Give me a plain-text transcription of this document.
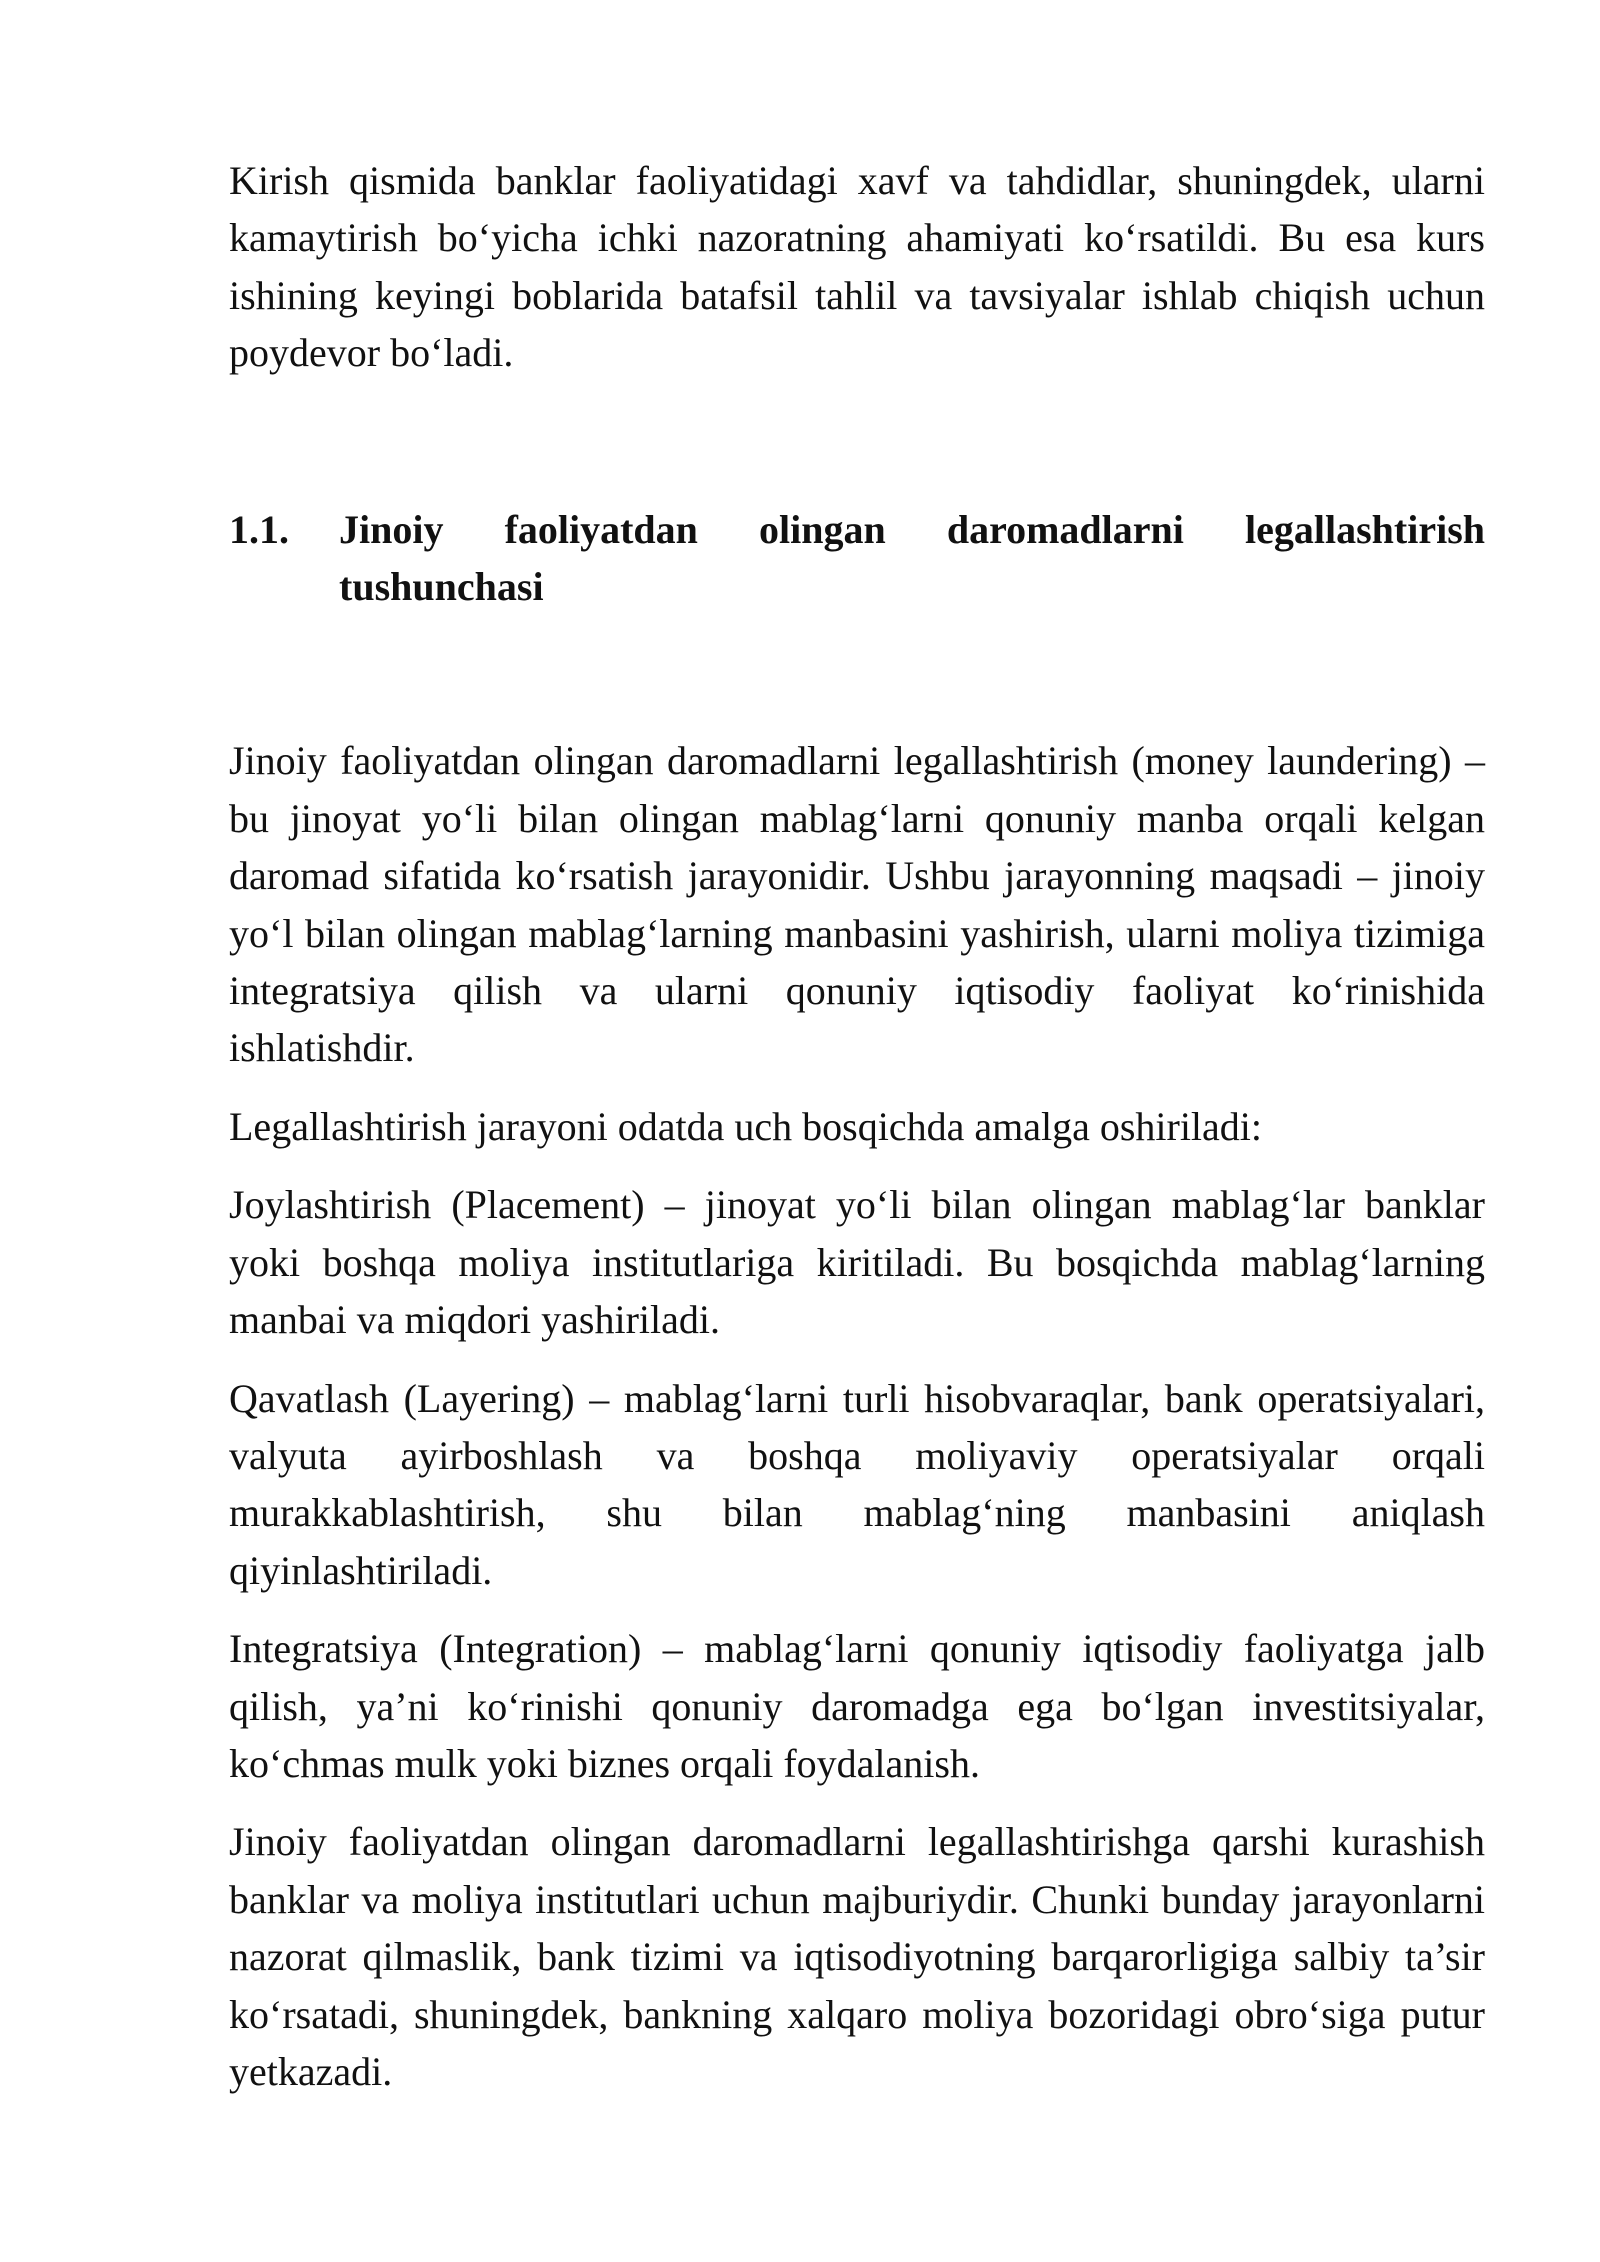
Kirish qismida banklar faoliyatidagi xavf va tahdidlar, shuningdek, ularni kamaytirish bo‘yicha ichki nazoratning ahamiyati ko‘rsatildi. Bu esa kurs ishining keyingi boblarida batafsil tahlil va tavsiyalar ishlab chiqish uchun poydevor bo‘ladi.

1.1.	Jinoiy faoliyatdan olingan daromadlarni legallashtirish tushunchasi

Jinoiy faoliyatdan olingan daromadlarni legallashtirish (money laundering) – bu jinoyat yo‘li bilan olingan mablag‘larni qonuniy manba orqali kelgan daromad sifatida ko‘rsatish jarayonidir. Ushbu jarayonning maqsadi – jinoiy yo‘l bilan olingan mablag‘larning manbasini yashirish, ularni moliya tizimiga integratsiya qilish va ularni qonuniy iqtisodiy faoliyat ko‘rinishida ishlatishdir.

Legallashtirish jarayoni odatda uch bosqichda amalga oshiriladi:

Joylashtirish (Placement) – jinoyat yo‘li bilan olingan mablag‘lar banklar yoki boshqa moliya institutlariga kiritiladi. Bu bosqichda mablag‘larning manbai va miqdori yashiriladi.

Qavatlash (Layering) – mablag‘larni turli hisobvaraqlar, bank operatsiyalari, valyuta ayirboshlash va boshqa moliyaviy operatsiyalar orqali murakkablashtirish, shu bilan mablag‘ning manbasini aniqlash qiyinlashtiriladi.

Integratsiya (Integration) – mablag‘larni qonuniy iqtisodiy faoliyatga jalb qilish, ya’ni ko‘rinishi qonuniy daromadga ega bo‘lgan investitsiyalar, ko‘chmas mulk yoki biznes orqali foydalanish.

Jinoiy faoliyatdan olingan daromadlarni legallashtirishga qarshi kurashish banklar va moliya institutlari uchun majburiydir. Chunki bunday jarayonlarni nazorat qilmaslik, bank tizimi va iqtisodiyotning barqarorligiga salbiy ta’sir ko‘rsatadi, shuningdek, bankning xalqaro moliya bozoridagi obro‘siga putur yetkazadi.
